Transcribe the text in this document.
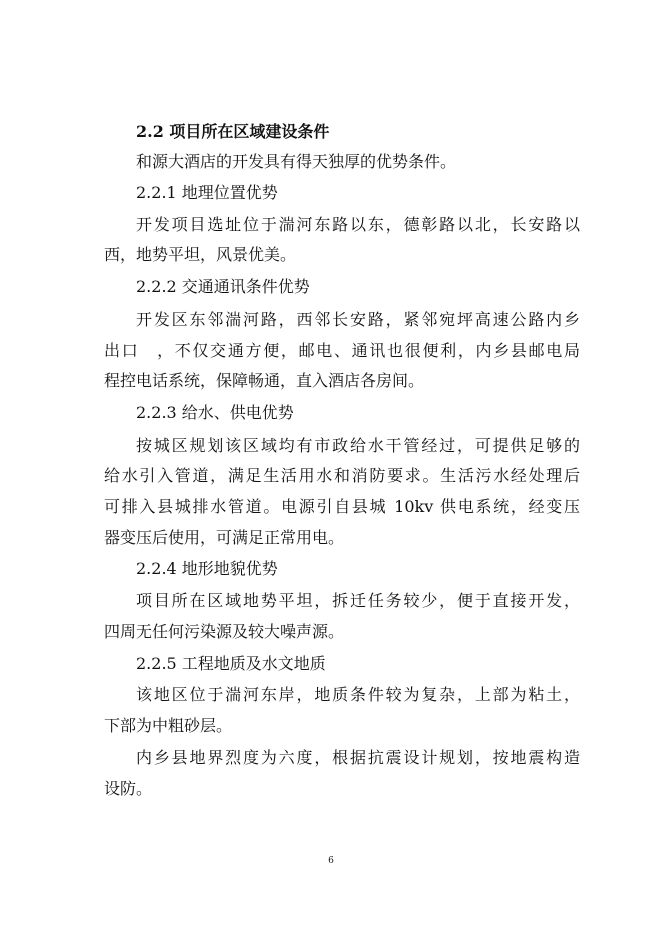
2.2 项目所在区域建设条件
和源大酒店的开发具有得天独厚的优势条件。
2.2.1 地理位置优势
开发项目选址位于湍河东路以东，德彰路以北，长安路以
西，地势平坦，风景优美。
2.2.2 交通通讯条件优势
开发区东邻湍河路，西邻长安路，紧邻宛坪高速公路内乡
出口　，不仅交通方便，邮电、通讯也很便利，内乡县邮电局
程控电话系统，保障畅通，直入酒店各房间。
2.2.3 给水、供电优势
按城区规划该区域均有市政给水干管经过，可提供足够的
给水引入管道，满足生活用水和消防要求。生活污水经处理后
可排入县城排水管道。电源引自县城 10kv 供电系统，经变压
器变压后使用，可满足正常用电。
2.2.4 地形地貌优势
项目所在区域地势平坦，拆迁任务较少，便于直接开发，
四周无任何污染源及较大噪声源。
2.2.5 工程地质及水文地质
该地区位于湍河东岸，地质条件较为复杂，上部为粘土，
下部为中粗砂层。
内乡县地界烈度为六度，根据抗震设计规划，按地震构造
设防。
6
